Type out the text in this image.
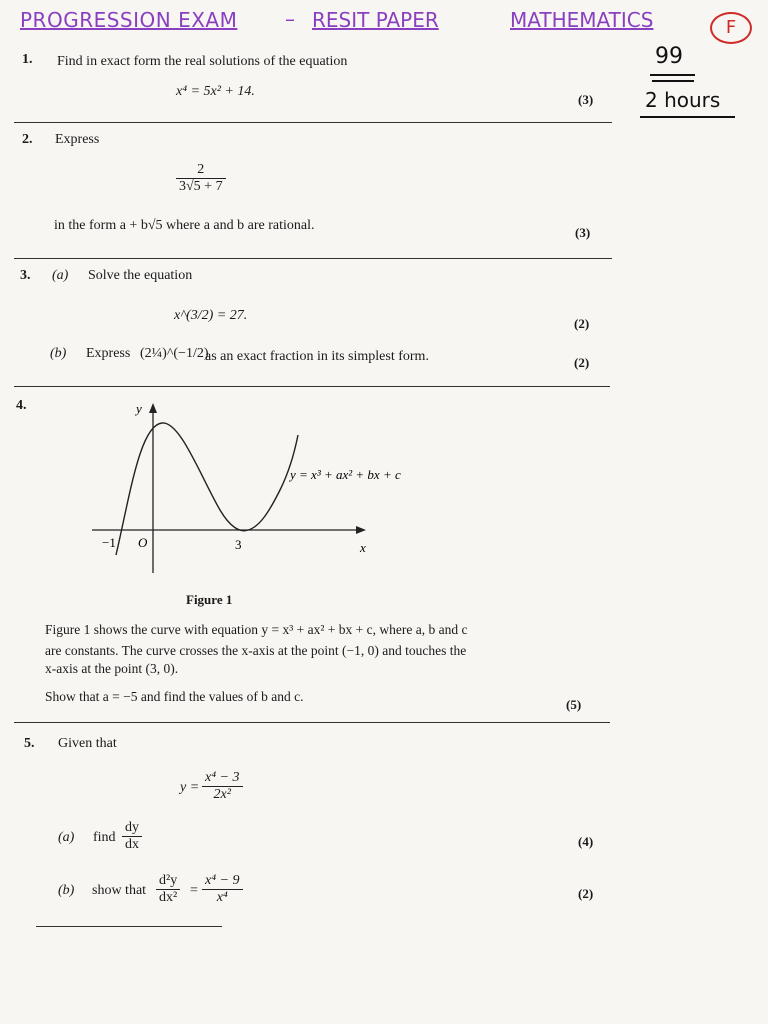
PROGRESSION EXAM – RESIT PAPER	MATHEMATICS	F
99
2 hours
1. Find in exact form the real solutions of the equation
x⁴ = 5x² + 14.
(3)
2. Express
$\frac{2}{3√5 + 7}$
in the form a + b√5 where a and b are rational.	(3)
3. (a) Solve the equation
x^(3/2) = 27.
(2)
(b) Express (2¼)^(−1/2)
as an exact fraction in its simplest form.	(2)
4.	y
x
−1 O	3
y = x³ + ax² + bx + c
Figure 1
Figure 1 shows the curve with equation y = x³ + ax² + bx + c, where a, b and c
are constants. The curve crosses the x-axis at the point (−1, 0) and touches the
x-axis at the point (3, 0).
Show that a = −5 and find the values of b and c.
(5)
5. Given that
$y = \frac{\text{x⁴ − 3}}{\text{2x²}}$
(a) find $\frac{dy}{dx}$	(4)
(b) show that $\frac{\text{d²y}}{\text{dx²}} = \frac{\text{x⁴ − 9}}{\text{x⁴}}$	(2)
